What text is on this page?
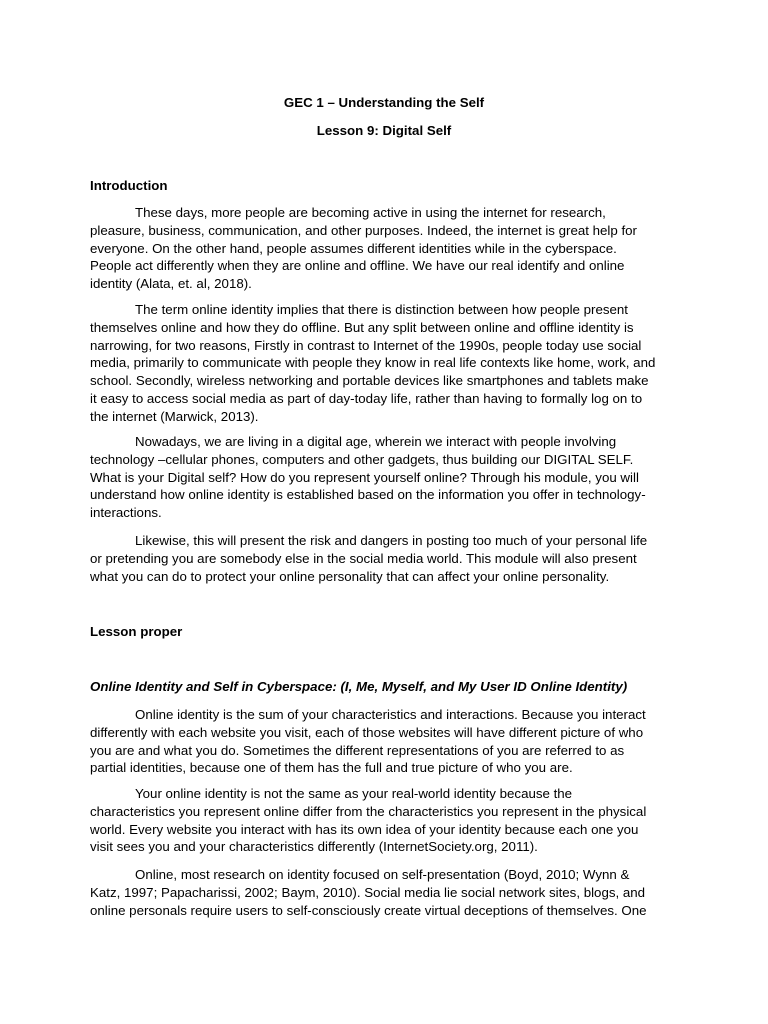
GEC 1 – Understanding the Self
Lesson 9: Digital Self
Introduction
These days, more people are becoming active in using the internet for research,
pleasure, business, communication, and other purposes. Indeed, the internet is great help for
everyone. On the other hand, people assumes different identities while in the cyberspace.
People act differently when they are online and offline. We have our real identify and online
identity (Alata, et. al, 2018).
The term online identity implies that there is distinction between how people present
themselves online and how they do offline. But any split between online and offline identity is
narrowing, for two reasons, Firstly in contrast to Internet of the 1990s, people today use social
media, primarily to communicate with people they know in real life contexts like home, work, and
school. Secondly, wireless networking and portable devices like smartphones and tablets make
it easy to access social media as part of day-today life, rather than having to formally log on to
the internet (Marwick, 2013).
Nowadays, we are living in a digital age, wherein we interact with people involving
technology –cellular phones, computers and other gadgets, thus building our DIGITAL SELF.
What is your Digital self? How do you represent yourself online? Through his module, you will
understand how online identity is established based on the information you offer in technology-
interactions.
Likewise, this will present the risk and dangers in posting too much of your personal life
or pretending you are somebody else in the social media world. This module will also present
what you can do to protect your online personality that can affect your online personality.
Lesson proper
Online Identity and Self in Cyberspace: (I, Me, Myself, and My User ID Online Identity)
Online identity is the sum of your characteristics and interactions. Because you interact
differently with each website you visit, each of those websites will have different picture of who
you are and what you do. Sometimes the different representations of you are referred to as
partial identities, because one of them has the full and true picture of who you are.
Your online identity is not the same as your real-world identity because the
characteristics you represent online differ from the characteristics you represent in the physical
world. Every website you interact with has its own idea of your identity because each one you
visit sees you and your characteristics differently (InternetSociety.org, 2011).
Online, most research on identity focused on self-presentation (Boyd, 2010; Wynn &
Katz, 1997; Papacharissi, 2002; Baym, 2010). Social media lie social network sites, blogs, and
online personals require users to self-consciously create virtual deceptions of themselves. One
